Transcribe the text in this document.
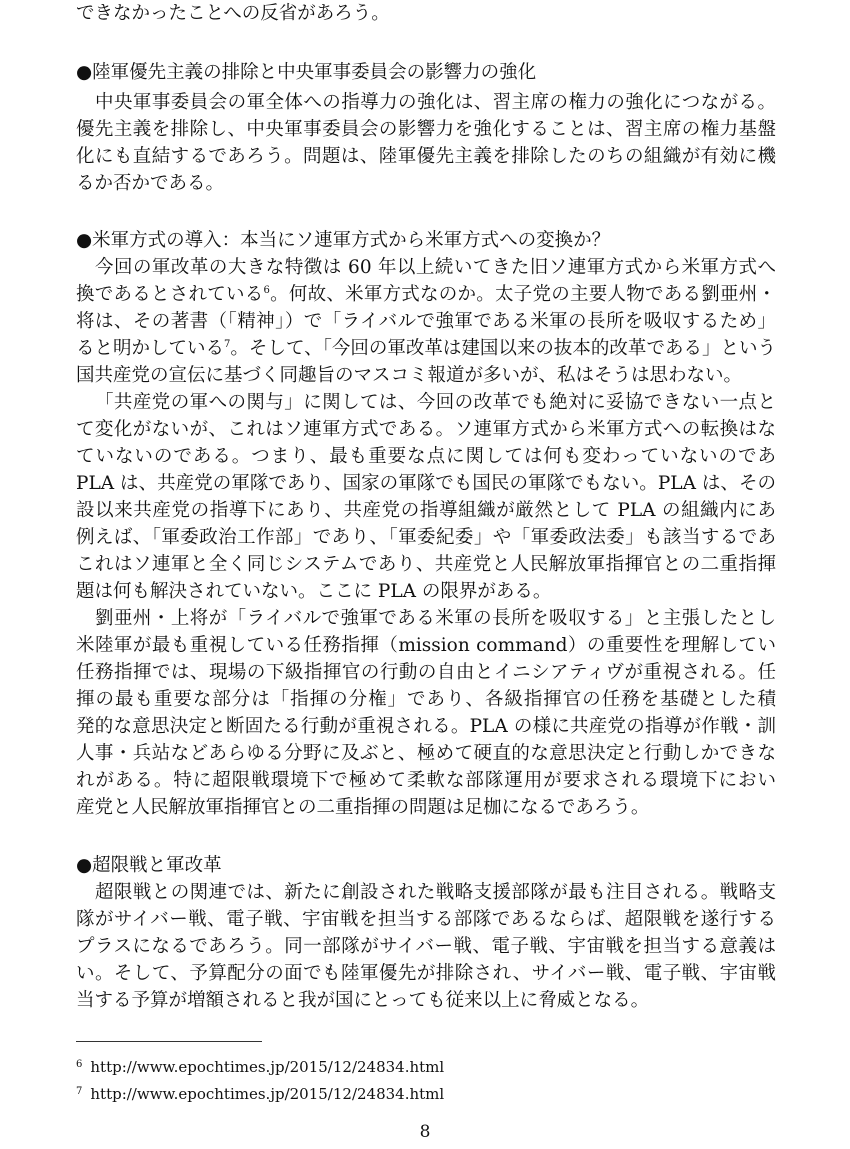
できなかったことへの反省があろう。
●陸軍優先主義の排除と中央軍事委員会の影響力の強化
中央軍事委員会の軍全体への指導力の強化は、習主席の権力の強化につながる。
優先主義を排除し、中央軍事委員会の影響力を強化することは、習主席の権力基盤
化にも直結するであろう。問題は、陸軍優先主義を排除したのちの組織が有効に機
るか否かである。
●米軍方式の導入：本当にソ連軍方式から米軍方式への変換か？
今回の軍改革の大きな特徴は 60 年以上続いてきた旧ソ連軍方式から米軍方式へ
換であるとされている$^6$。何故、米軍方式なのか。太子党の主要人物である劉亜州・
将は、その著書（「精神」）で「ライバルで強軍である米軍の長所を吸収するため」
ると明かしている$^7$。そして、「今回の軍改革は建国以来の抜本的改革である」という
国共産党の宣伝に基づく同趣旨のマスコミ報道が多いが、私はそうは思わない。
「共産党の軍への関与」に関しては、今回の改革でも絶対に妥協できない一点と
て変化がないが、これはソ連軍方式である。ソ連軍方式から米軍方式への転換はな
ていないのである。つまり、最も重要な点に関しては何も変わっていないのであ
PLA は、共産党の軍隊であり、国家の軍隊でも国民の軍隊でもない。PLA は、その
設以来共産党の指導下にあり、共産党の指導組織が厳然として PLA の組織内にあ
例えば、「軍委政治工作部」であり、「軍委紀委」や「軍委政法委」も該当するであ
これはソ連軍と全く同じシステムであり、共産党と人民解放軍指揮官との二重指揮
題は何も解決されていない。ここに PLA の限界がある。
劉亜州・上将が「ライバルで強軍である米軍の長所を吸収する」と主張したとし
米陸軍が最も重視している任務指揮（mission command）の重要性を理解してい
任務指揮では、現場の下級指揮官の行動の自由とイニシアティヴが重視される。任
揮の最も重要な部分は「指揮の分権」であり、各級指揮官の任務を基礎とした積
発的な意思決定と断固たる行動が重視される。PLA の様に共産党の指導が作戦・訓
人事・兵站などあらゆる分野に及ぶと、極めて硬直的な意思決定と行動しかできな
れがある。特に超限戦環境下で極めて柔軟な部隊運用が要求される環境下におい
産党と人民解放軍指揮官との二重指揮の問題は足枷になるであろう。
●超限戦と軍改革
超限戦との関連では、新たに創設された戦略支援部隊が最も注目される。戦略支
隊がサイバー戦、電子戦、宇宙戦を担当する部隊であるならば、超限戦を遂行する
プラスになるであろう。同一部隊がサイバー戦、電子戦、宇宙戦を担当する意義は
い。そして、予算配分の面でも陸軍優先が排除され、サイバー戦、電子戦、宇宙戦
当する予算が増額されると我が国にとっても従来以上に脅威となる。
$^6$ http://www.epochtimes.jp/2015/12/24834.html
$^7$ http://www.epochtimes.jp/2015/12/24834.html
8
